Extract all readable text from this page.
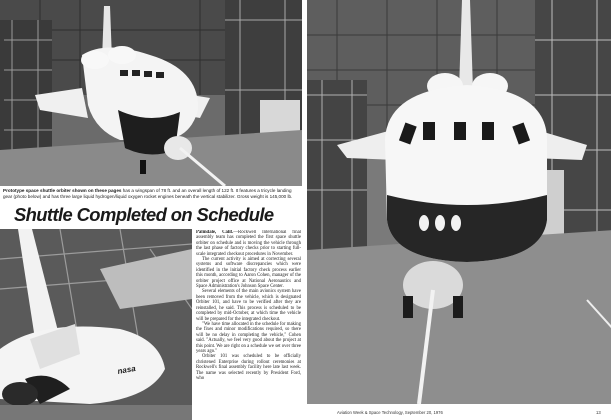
Prototype space shuttle orbiter shown on these pages has a wingspan of 78 ft. and an overall length of 122 ft. It features a tricycle landing gear (photo below) and has three large liquid hydrogen/liquid oxygen rocket engines beneath the vertical stabilizer. Gross weight is 145,000 lb.

Shuttle Completed on Schedule
nasa

Palmdale, Calif.—Rockwell International final assembly team has completed the first space shuttle orbiter on schedule and is moving the vehicle through the last phase of factory checks prior to starting full-scale integrated checkout procedures in November.

The current activity is aimed at correcting several systems and software discrepancies which were identified in the initial factory check process earlier this month, according to Aaron Cohen, manager of the orbiter project office at National Aeronautics and Space Administration's Johnson Space Center.

Several elements of the main avionics system have been removed from the vehicle, which is designated Orbiter 101, and have to be verified after they are reinstalled, he said. This process is scheduled to be completed by mid-October, at which time the vehicle will be prepared for the integrated checkout.

"We have time allocated in the schedule for making the fixes and minor modifications required, so there will be no delay in completing the vehicle," Cohen said. "Actually, we feel very good about the project at this point. We are right on a schedule we set over three years ago."

Orbiter 101 was scheduled to be officially christened Enterprise during rollout ceremonies at Rockwell's final assembly facility here late last week. The name was selected recently by President Ford, who

Aviation Week & Space Technology, September 20, 1976	13
